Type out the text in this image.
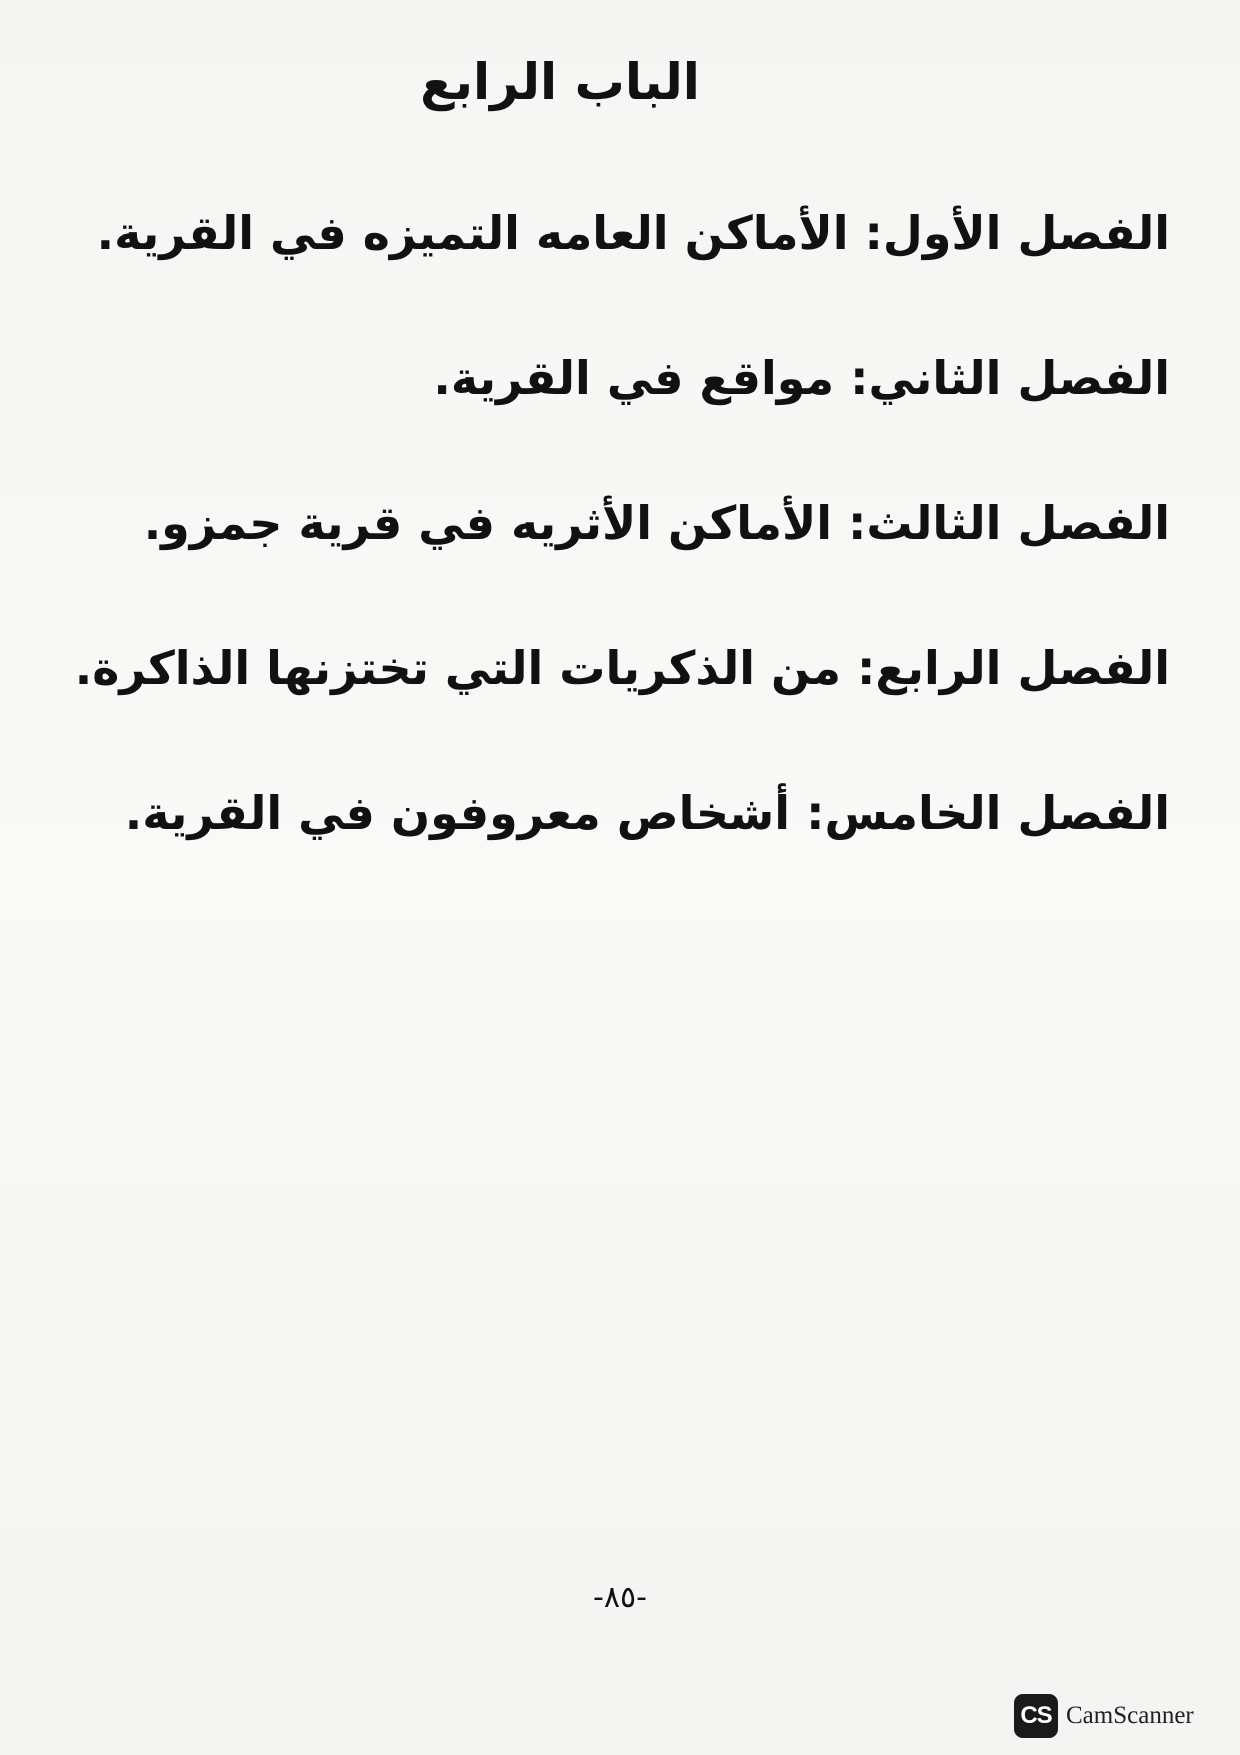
الباب الرابع
الفصل الأول: الأماكن العامه التميزه في القرية.
الفصل الثاني: مواقع في القرية.
الفصل الثالث: الأماكن الأثريه في قرية جمزو.
الفصل الرابع: من الذكريات التي تختزنها الذاكرة.
الفصل الخامس: أشخاص معروفون في القرية.
-٨٥-
CS CamScanner
